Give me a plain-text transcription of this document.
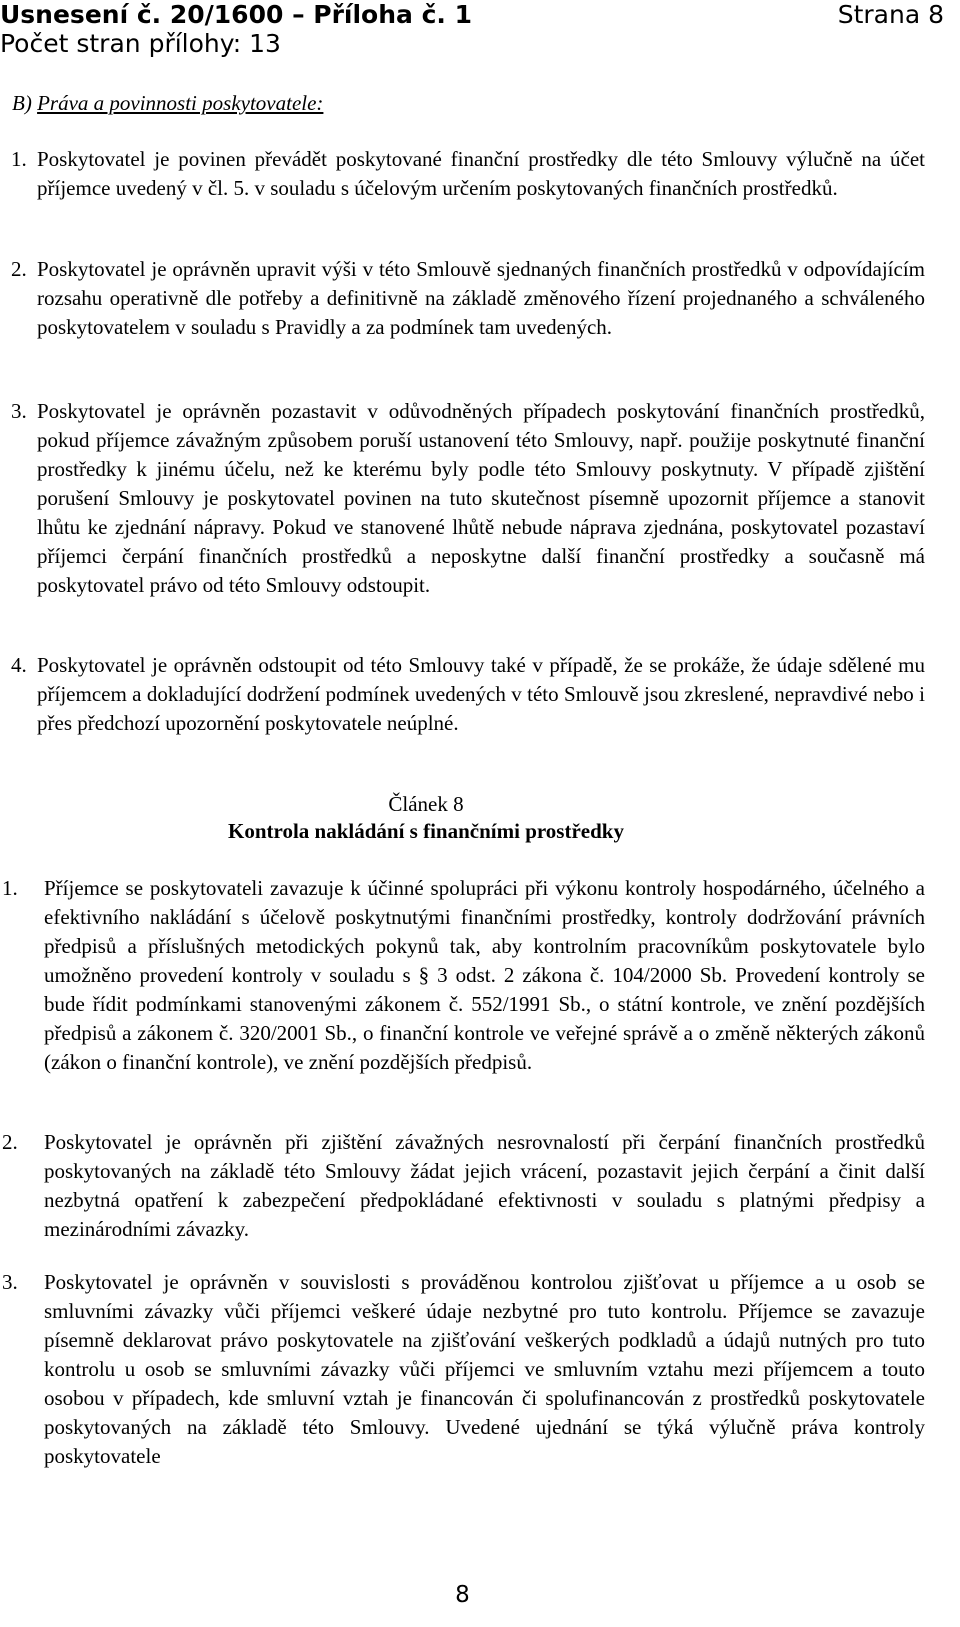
Usnesení č. 20/1600 – Příloha č. 1	Strana 8
Počet stran přílohy: 13
B) Práva a povinnosti poskytovatele:
1. Poskytovatel je povinen převádět poskytované finanční prostředky dle této Smlouvy výlučně na účet příjemce uvedený v čl. 5. v souladu s účelovým určením poskytovaných finančních prostředků.
2. Poskytovatel je oprávněn upravit výši v této Smlouvě sjednaných finančních prostředků v odpovídajícím rozsahu operativně dle potřeby a definitivně na základě změnového řízení projednaného a schváleného poskytovatelem v souladu s Pravidly a za podmínek tam uvedených.
3. Poskytovatel je oprávněn pozastavit v odůvodněných případech poskytování finančních prostředků, pokud příjemce závažným způsobem poruší ustanovení této Smlouvy, např. použije poskytnuté finanční prostředky k jinému účelu, než ke kterému byly podle této Smlouvy poskytnuty. V případě zjištění porušení Smlouvy je poskytovatel povinen na tuto skutečnost písemně upozornit příjemce a stanovit lhůtu ke zjednání nápravy. Pokud ve stanovené lhůtě nebude náprava zjednána, poskytovatel pozastaví příjemci čerpání finančních prostředků a neposkytne další finanční prostředky a současně má poskytovatel právo od této Smlouvy odstoupit.
4. Poskytovatel je oprávněn odstoupit od této Smlouvy také v případě, že se prokáže, že údaje sdělené mu příjemcem a dokladující dodržení podmínek uvedených v této Smlouvě jsou zkreslené, nepravdivé nebo i přes předchozí upozornění poskytovatele neúplné.
Článek 8
Kontrola nakládání s finančními prostředky
1. Příjemce se poskytovateli zavazuje k účinné spolupráci při výkonu kontroly hospodárného, účelného a efektivního nakládání s účelově poskytnutými finančními prostředky, kontroly dodržování právních předpisů a příslušných metodických pokynů tak, aby kontrolním pracovníkům poskytovatele bylo umožněno provedení kontroly v souladu s § 3 odst. 2 zákona č. 104/2000 Sb. Provedení kontroly se bude řídit podmínkami stanovenými zákonem č. 552/1991 Sb., o státní kontrole, ve znění pozdějších předpisů a zákonem č. 320/2001 Sb., o finanční kontrole ve veřejné správě a o změně některých zákonů (zákon o finanční kontrole), ve znění pozdějších předpisů.
2. Poskytovatel je oprávněn při zjištění závažných nesrovnalostí při čerpání finančních prostředků poskytovaných na základě této Smlouvy žádat jejich vrácení, pozastavit jejich čerpání a činit další nezbytná opatření k zabezpečení předpokládané efektivnosti v souladu s platnými předpisy a mezinárodními závazky.
3. Poskytovatel je oprávněn v souvislosti s prováděnou kontrolou zjišťovat u příjemce a u osob se smluvními závazky vůči příjemci veškeré údaje nezbytné pro tuto kontrolu. Příjemce se zavazuje písemně deklarovat právo poskytovatele na zjišťování veškerých podkladů a údajů nutných pro tuto kontrolu u osob se smluvními závazky vůči příjemci ve smluvním vztahu mezi příjemcem a touto osobou v případech, kde smluvní vztah je financován či spolufinancován z prostředků poskytovatele poskytovaných na základě této Smlouvy. Uvedené ujednání se týká výlučně práva kontroly poskytovatele
8
